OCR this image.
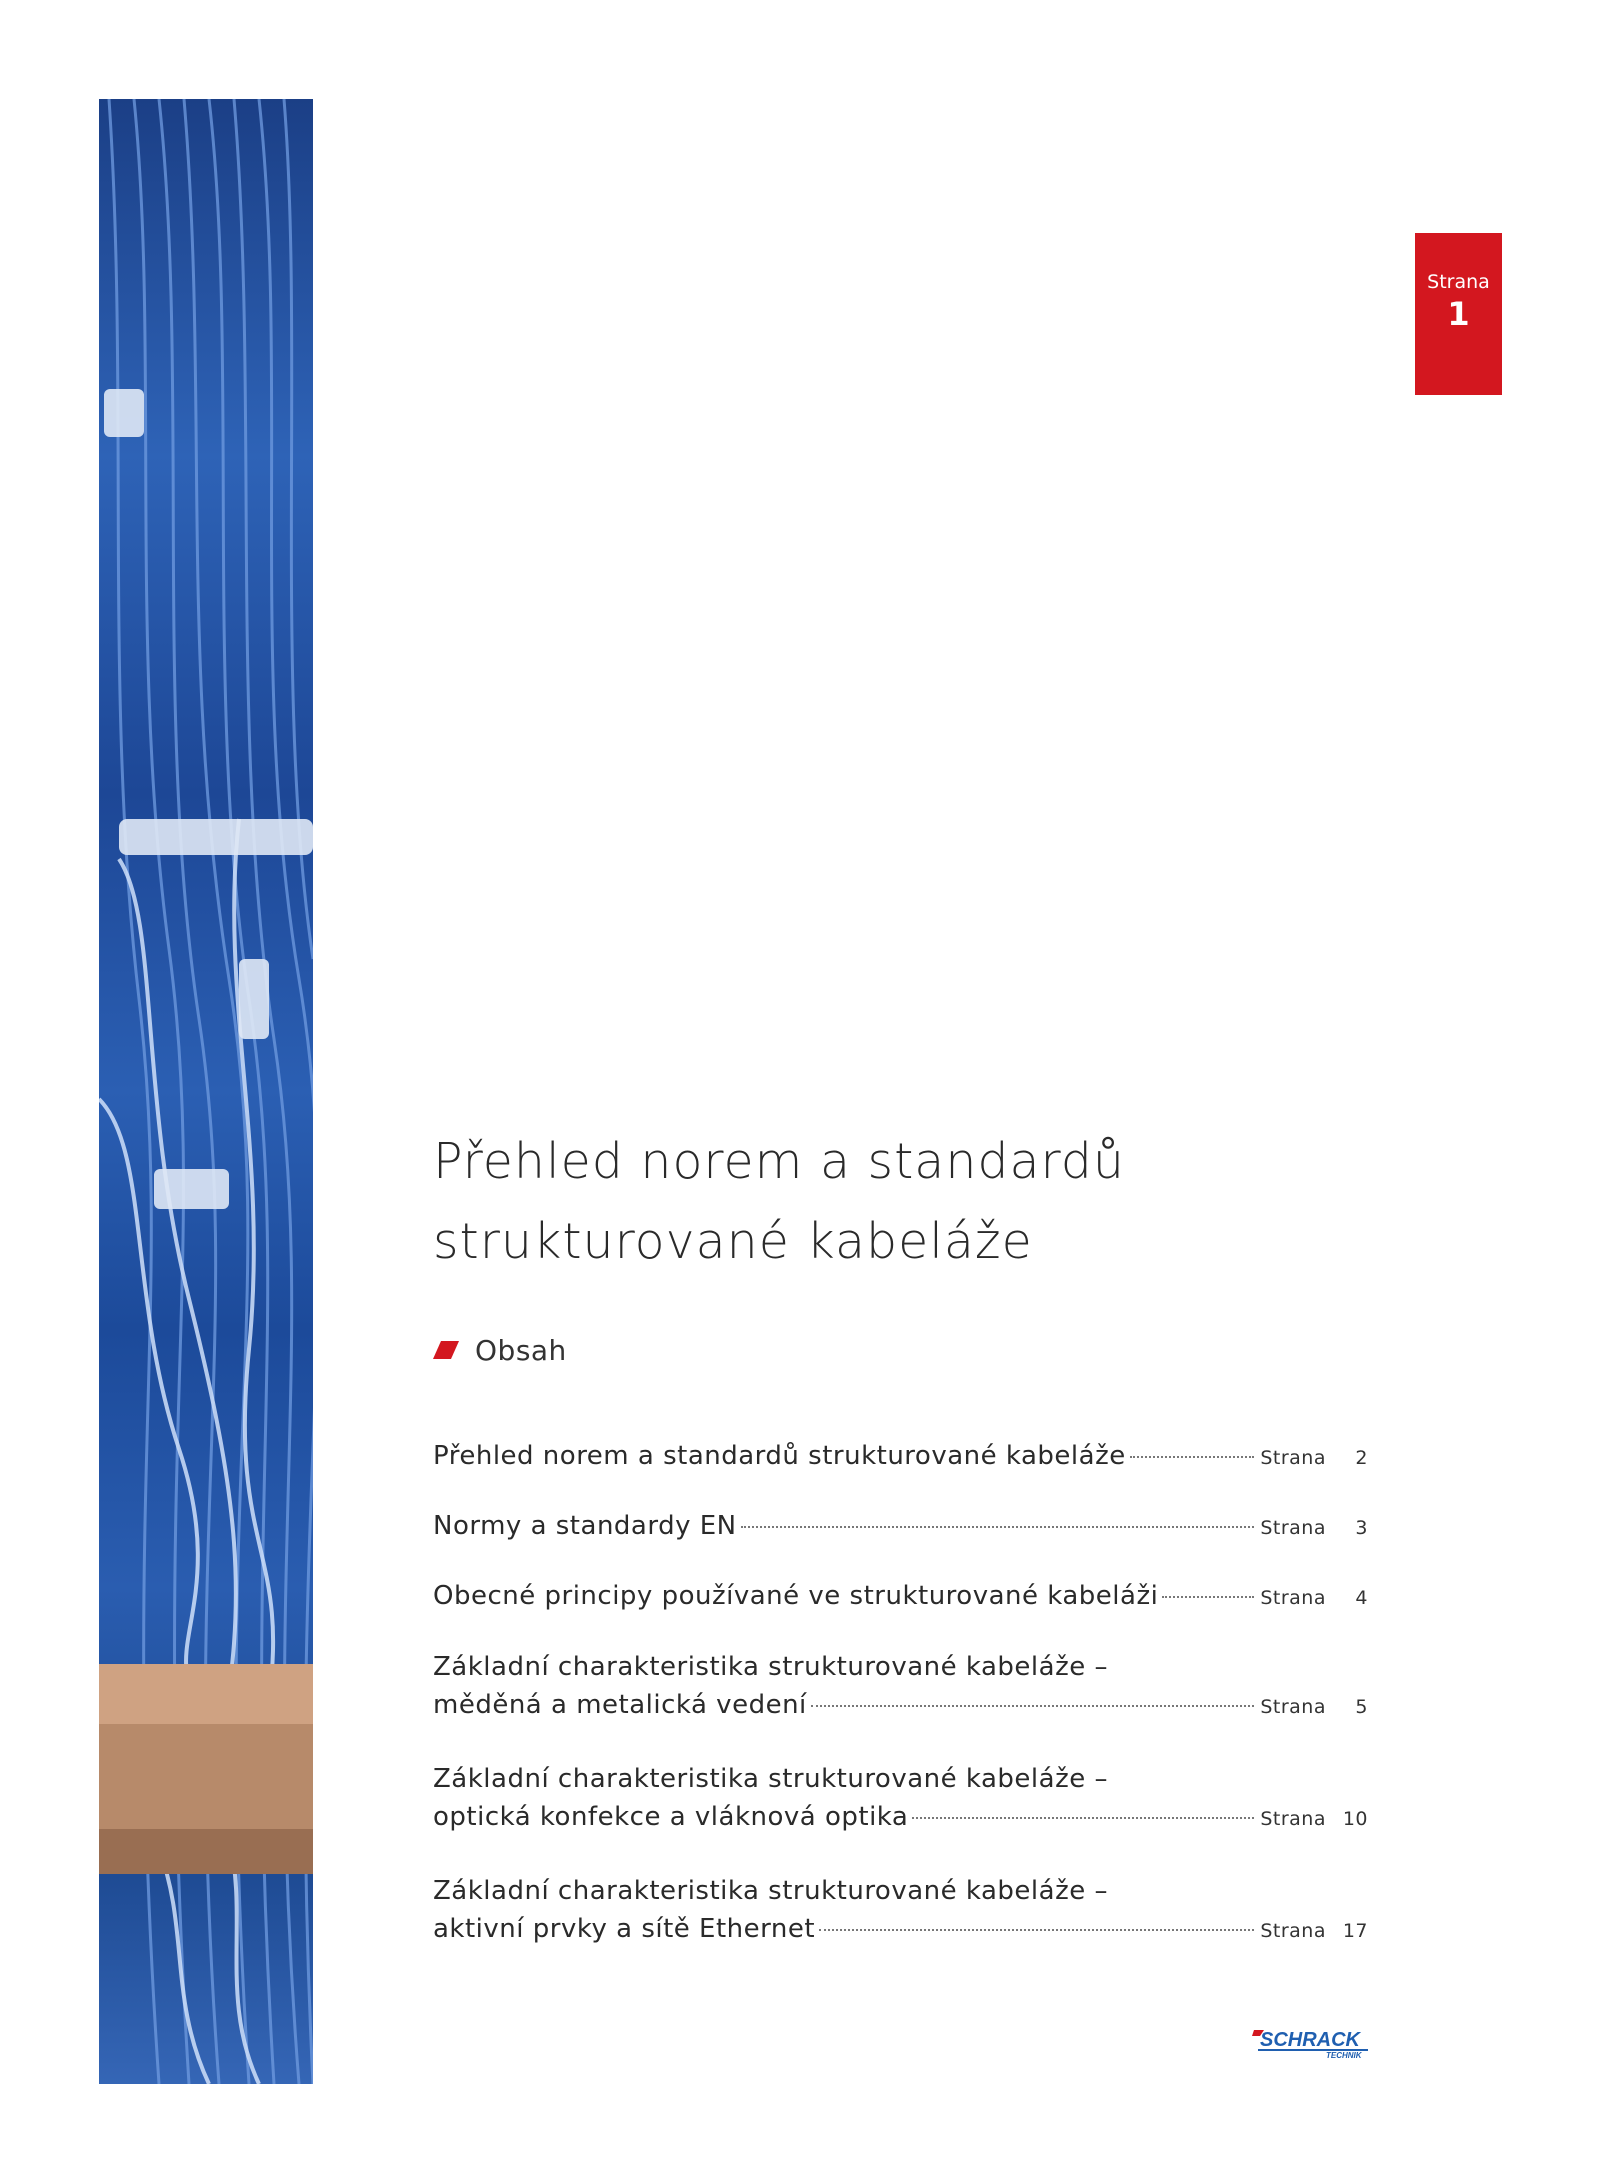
Strana
1
Přehled norem a standardů
strukturované kabeláže
Obsah
Přehled norem a standardů strukturované kabeláže	Strana	2
Normy a standardy EN	Strana	3
Obecné principy používané ve strukturované kabeláži	Strana	4
Základní charakteristika strukturované kabeláže –
měděná a metalická vedení	Strana	5
Základní charakteristika strukturované kabeláže –
optická konfekce a vláknová optika	Strana 10
Základní charakteristika strukturované kabeláže –
aktivní prvky a sítě Ethernet	Strana 17
SCHRACK
TECHNIK
